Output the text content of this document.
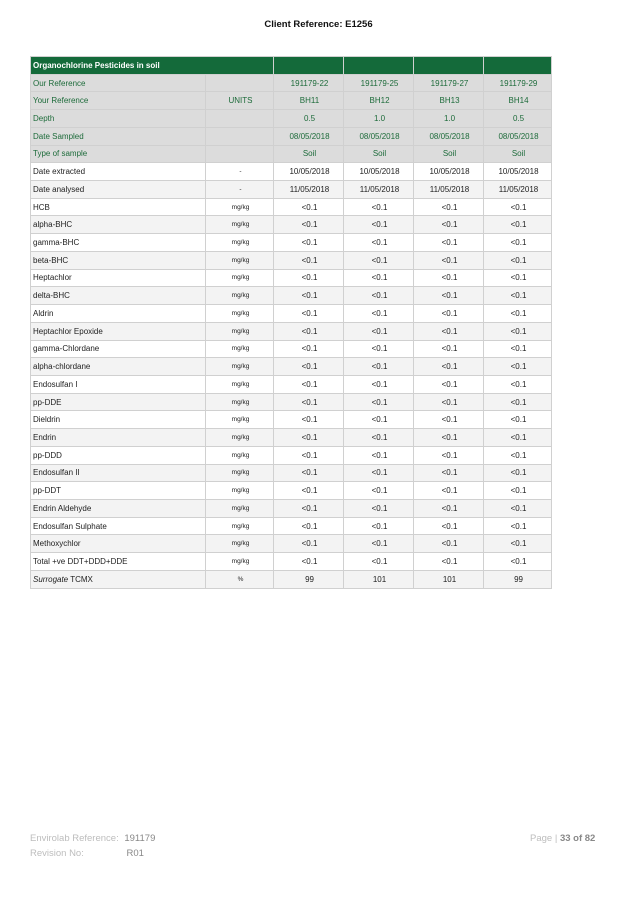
Client Reference: E1256
Organochlorine Pesticides in soil					
Our Reference		191179-22	191179-25	191179-27	191179-29
Your Reference	UNITS	BH11	BH12	BH13	BH14
Depth		0.5	1.0	1.0	0.5
Date Sampled		08/05/2018	08/05/2018	08/05/2018	08/05/2018
Type of sample		Soil	Soil	Soil	Soil
Date extracted	-	10/05/2018	10/05/2018	10/05/2018	10/05/2018
Date analysed	-	11/05/2018	11/05/2018	11/05/2018	11/05/2018
HCB	mg/kg	<0.1	<0.1	<0.1	<0.1
alpha-BHC	mg/kg	<0.1	<0.1	<0.1	<0.1
gamma-BHC	mg/kg	<0.1	<0.1	<0.1	<0.1
beta-BHC	mg/kg	<0.1	<0.1	<0.1	<0.1
Heptachlor	mg/kg	<0.1	<0.1	<0.1	<0.1
delta-BHC	mg/kg	<0.1	<0.1	<0.1	<0.1
Aldrin	mg/kg	<0.1	<0.1	<0.1	<0.1
Heptachlor Epoxide	mg/kg	<0.1	<0.1	<0.1	<0.1
gamma-Chlordane	mg/kg	<0.1	<0.1	<0.1	<0.1
alpha-chlordane	mg/kg	<0.1	<0.1	<0.1	<0.1
Endosulfan I	mg/kg	<0.1	<0.1	<0.1	<0.1
pp-DDE	mg/kg	<0.1	<0.1	<0.1	<0.1
Dieldrin	mg/kg	<0.1	<0.1	<0.1	<0.1
Endrin	mg/kg	<0.1	<0.1	<0.1	<0.1
pp-DDD	mg/kg	<0.1	<0.1	<0.1	<0.1
Endosulfan II	mg/kg	<0.1	<0.1	<0.1	<0.1
pp-DDT	mg/kg	<0.1	<0.1	<0.1	<0.1
Endrin Aldehyde	mg/kg	<0.1	<0.1	<0.1	<0.1
Endosulfan Sulphate	mg/kg	<0.1	<0.1	<0.1	<0.1
Methoxychlor	mg/kg	<0.1	<0.1	<0.1	<0.1
Total +ve DDT+DDD+DDE	mg/kg	<0.1	<0.1	<0.1	<0.1
Surrogate TCMX	%	99	101	101	99
Envirolab Reference: 191179
Revision No:	R01
Page | 33 of 82
